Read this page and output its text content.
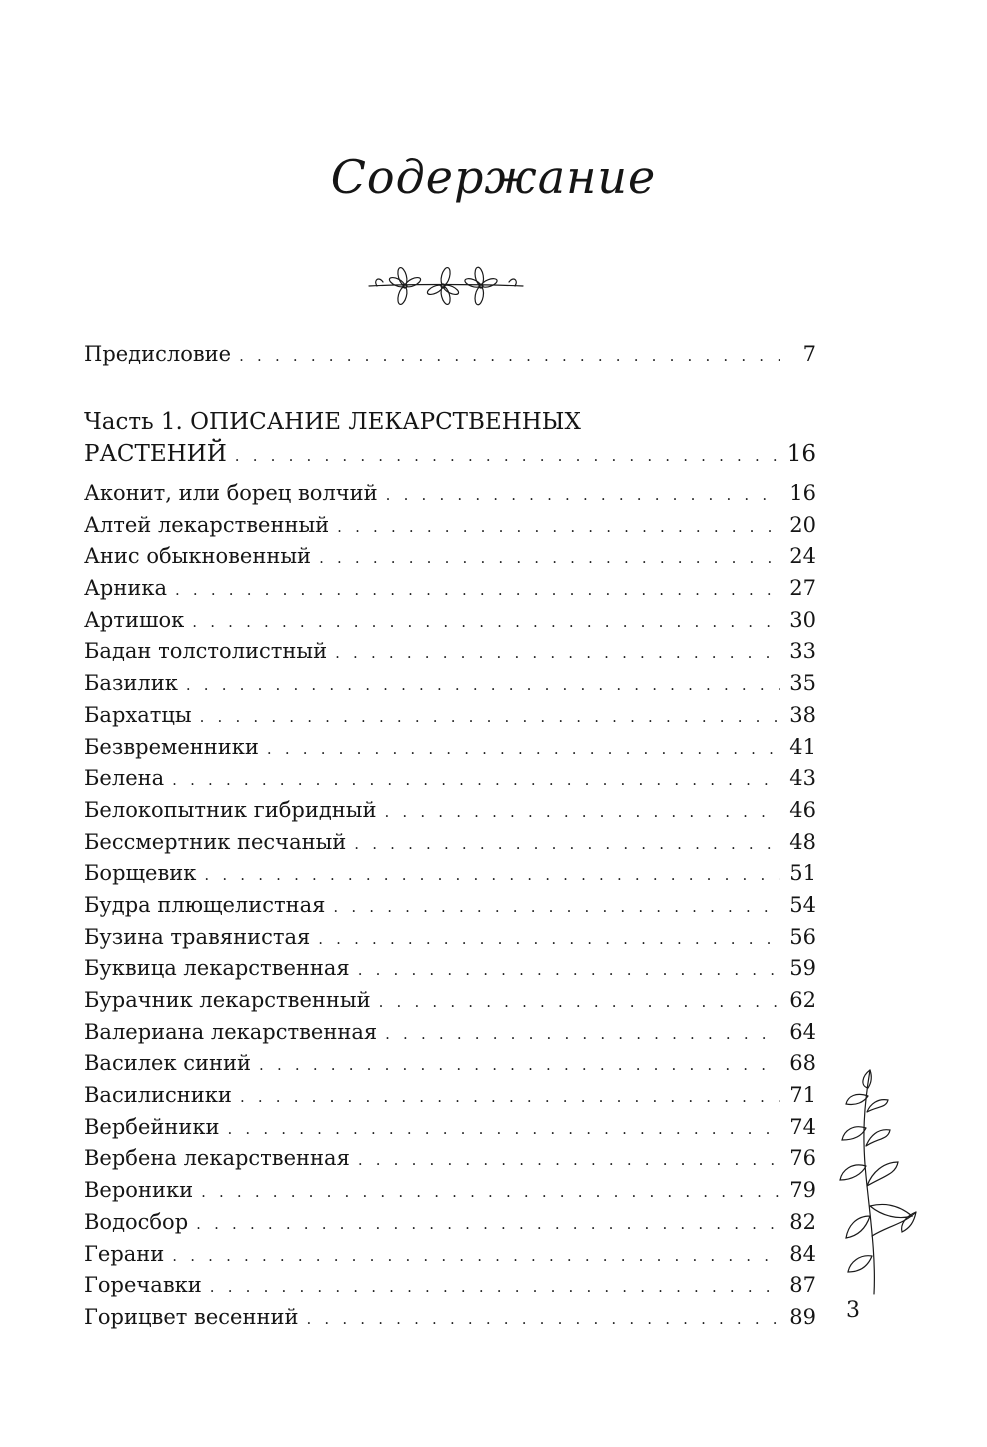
Содержание
Предисловие . . .	7
Часть 1. ОПИСАНИЕ ЛЕКАРСТВЕННЫХ
РАСТЕНИЙ . . .	16
Аконит, или борец волчий . . .	16
Алтей лекарственный . . .	20
Анис обыкновенный . . .	24
Арника . . .	27
Артишок . . .	30
Бадан толстолистный . . .	33
Базилик . . .	35
Бархатцы . . .	38
Безвременники . . .	41
Белена . . .	43
Белокопытник гибридный . . .	46
Бессмертник песчаный . . .	48
Борщевик . . .	51
Будра плющелистная . . .	54
Бузина травянистая . . .	56
Буквица лекарственная . . .	59
Бурачник лекарственный . . .	62
Валериана лекарственная . . .	64
Василек синий . . .	68
Василисники . . .	71
Вербейники . . .	74
Вербена лекарственная . . .	76
Вероники . . .	79
Водосбор . . .	82
Герани . . .	84
Горечавки . . .	87
Горицвет весенний . . .	89 3
